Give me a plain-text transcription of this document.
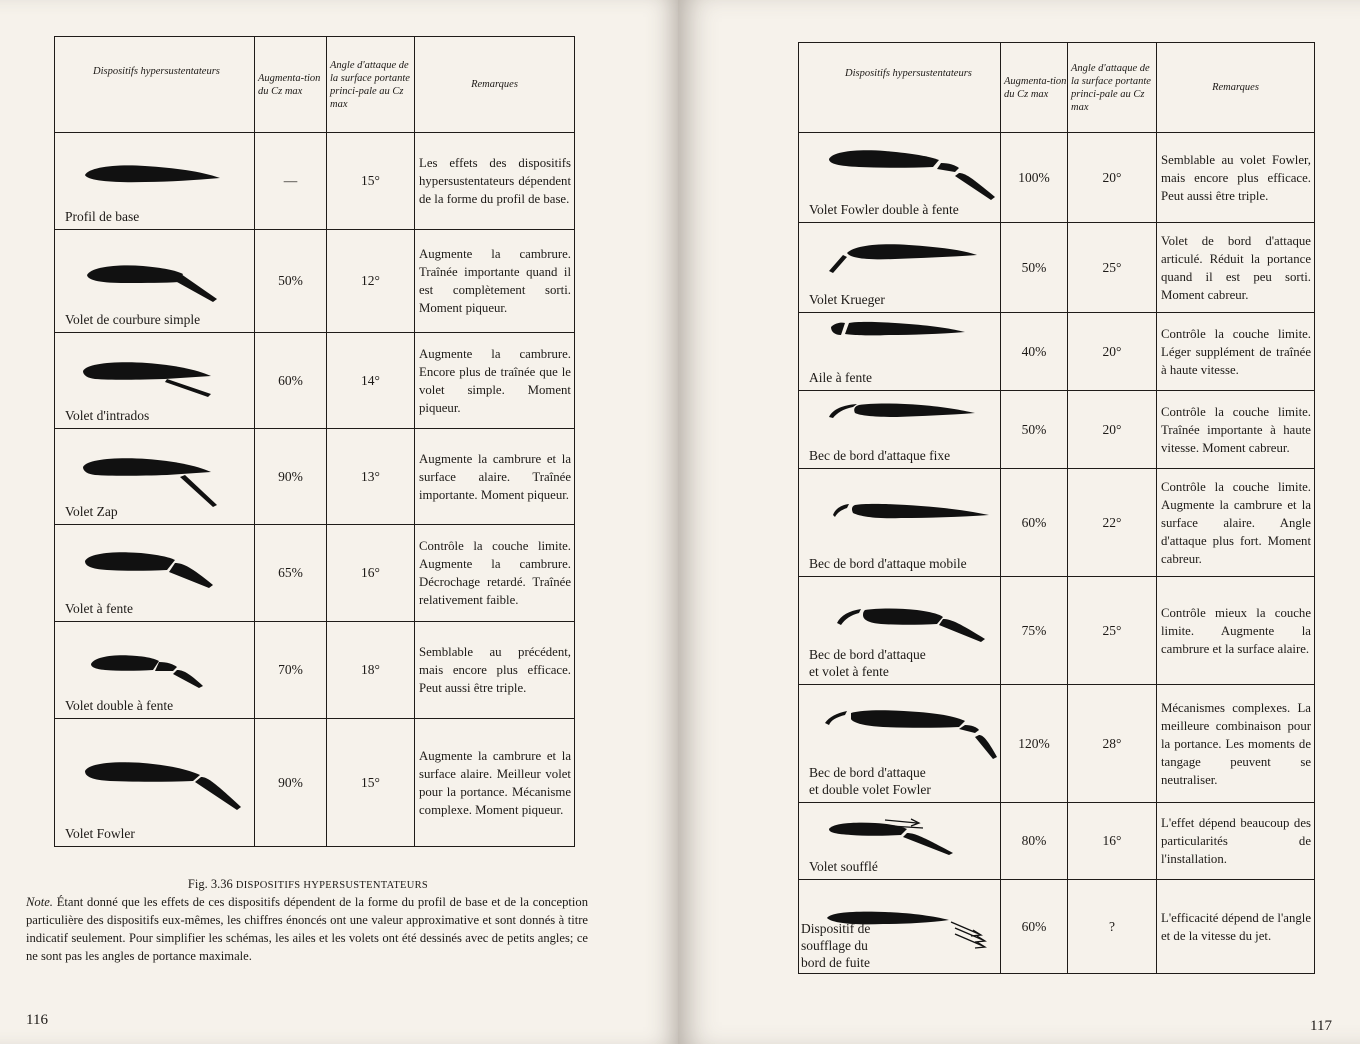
Dispositifs hypersustentateurs	Augmenta-tion du Cz max	Angle d'attaque de la surface portante princi-pale au Cz max	Remarques

Profil de base	—	15°	Les effets des dispositifs hypersustentateurs dépendent de la forme du profil de base.

Volet de courbure simple	50%	12°	Augmente la cambrure. Traînée importante quand il est complètement sorti. Moment piqueur.

Volet d'intrados	60%	14°	Augmente la cambrure. Encore plus de traînée que le volet simple. Moment piqueur.

Volet Zap	90%	13°	Augmente la cambrure et la surface alaire. Traînée importante. Moment piqueur.

Volet à fente	65%	16°	Contrôle la couche limite. Augmente la cambrure. Décrochage retardé. Traînée relativement faible.

Volet double à fente	70%	18°	Semblable au précédent, mais encore plus efficace. Peut aussi être triple.

Volet Fowler	90%	15°	Augmente la cambrure et la surface alaire. Meilleur volet pour la portance. Mécanisme complexe. Moment piqueur.
Fig. 3.36 DISPOSITIFS HYPERSUSTENTATEURS
Note. Étant donné que les effets de ces dispositifs dépendent de la forme du profil de base et de la conception particulière des dispositifs eux-mêmes, les chiffres énoncés ont une valeur approximative et sont donnés à titre indicatif seulement. Pour simplifier les schémas, les ailes et les volets ont été dessinés avec de petits angles; ce ne sont pas les angles de portance maximale.
116
Dispositifs hypersustentateurs	Augmenta-tion du Cz max	Angle d'attaque de la surface portante princi-pale au Cz max	Remarques

Volet Fowler double à fente	100%	20°	Semblable au volet Fowler, mais encore plus efficace. Peut aussi être triple.

Volet Krueger	50%	25°	Volet de bord d'attaque articulé. Réduit la portance quand il est peu sorti. Moment cabreur.

Aile à fente	40%	20°	Contrôle la couche limite. Léger supplément de traînée à haute vitesse.

Bec de bord d'attaque fixe	50%	20°	Contrôle la couche limite. Traînée importante à haute vitesse. Moment cabreur.

Bec de bord d'attaque mobile	60%	22°	Contrôle la couche limite. Augmente la cambrure et la surface alaire. Angle d'attaque plus fort. Moment cabreur.

Bec de bord d'attaque
et volet à fente	75%	25°	Contrôle mieux la couche limite. Augmente la cambrure et la surface alaire.

Bec de bord d'attaque
et double volet Fowler	120%	28°	Mécanismes complexes. La meilleure combinaison pour la portance. Les moments de tangage peuvent se neutraliser.

Volet soufflé	80%	16°	L'effet dépend beaucoup des particularités de l'installation.

Dispositif de
soufflage du
bord de fuite	60%	?	L'efficacité dépend de l'angle et de la vitesse du jet.
117
